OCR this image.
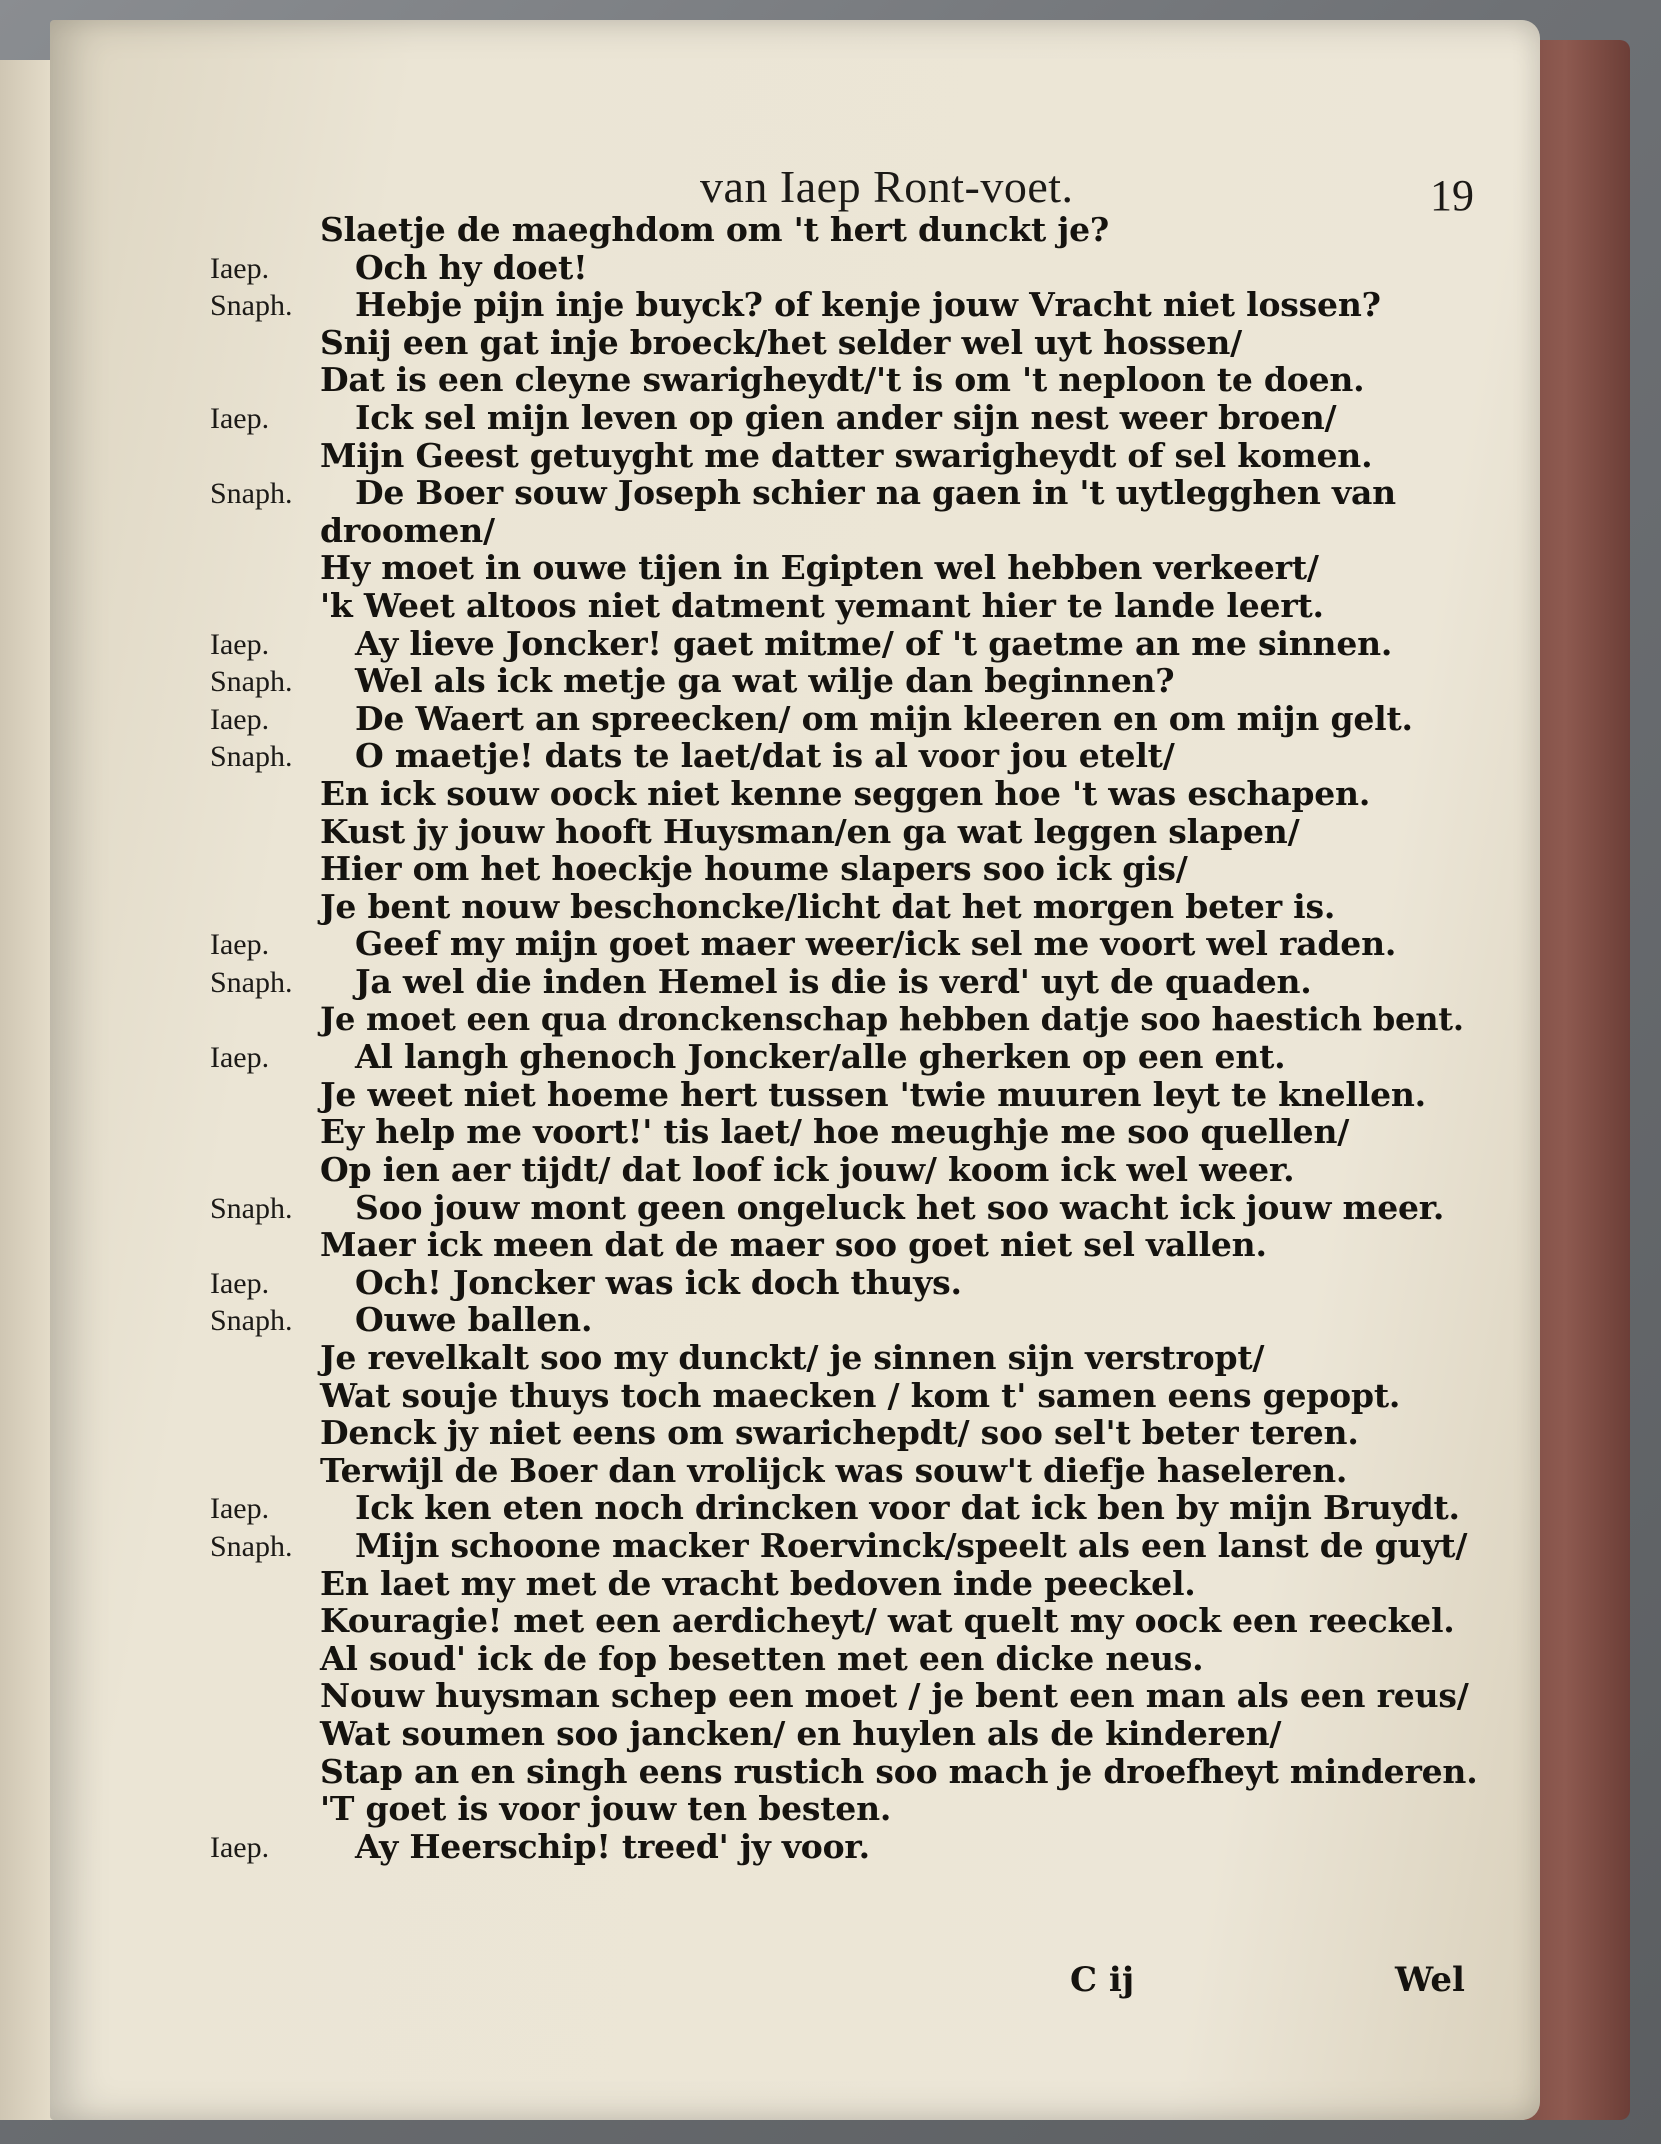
van Iaep Ront-voet.	19
Slaetje de maeghdom om 't hert dunckt je?
Iaep.	Och hy doet!
Snaph. Hebje pijn inje buyck? of kenje jouw Vracht niet lossen?
Snij een gat inje broeck/het selder wel uyt hossen/
Dat is een cleyne swarigheydt/'t is om 't neploon te doen.
Iaep.	Ick sel mijn leven op gien ander sijn nest weer broen/
Mijn Geest getuyght me datter swarigheydt of sel komen.
Snaph. De Boer souw Joseph schier na gaen in 't uytlegghen van
droomen/
Hy moet in ouwe tijen in Egipten wel hebben verkeert/
'k Weet altoos niet datment yemant hier te lande leert.
Iaep.	Ay lieve Joncker! gaet mitme/ of 't gaetme an me sinnen.
Snaph. Wel als ick metje ga wat wilje dan beginnen?
Iaep.	De Waert an spreecken/ om mijn kleeren en om mijn gelt.
Snaph. O maetje! dats te laet/dat is al voor jou etelt/
En ick souw oock niet kenne seggen hoe 't was eschapen.
Kust jy jouw hooft Huysman/en ga wat leggen slapen/
Hier om het hoeckje houme slapers soo ick gis/
Je bent nouw beschoncke/licht dat het morgen beter is.
Iaep.	Geef my mijn goet maer weer/ick sel me voort wel raden.
Snaph. Ja wel die inden Hemel is die is verd' uyt de quaden.
Je moet een qua dronckenschap hebben datje soo haestich bent.
Iaep.	Al langh ghenoch Joncker/alle gherken op een ent.
Je weet niet hoeme hert tussen 'twie muuren leyt te knellen.
Ey help me voort!' tis laet/ hoe meughje me soo quellen/
Op ien aer tijdt/ dat loof ick jouw/ koom ick wel weer.
Snaph. Soo jouw mont geen ongeluck het soo wacht ick jouw meer.
Maer ick meen dat de maer soo goet niet sel vallen.
Iaep.	Och! Joncker was ick doch thuys.
Snaph. Ouwe ballen.
Je revelkalt soo my dunckt/ je sinnen sijn verstropt/
Wat souje thuys toch maecken / kom t' samen eens gepopt.
Denck jy niet eens om swarichepdt/ soo sel't beter teren.
Terwijl de Boer dan vrolijck was souw't diefje haseleren.
Iaep.	Ick ken eten noch drincken voor dat ick ben by mijn Bruydt.
Snaph. Mijn schoone macker Roervinck/speelt als een lanst de guyt/
En laet my met de vracht bedoven inde peeckel.
Kouragie! met een aerdicheyt/ wat quelt my oock een reeckel.
Al soud' ick de fop besetten met een dicke neus.
Nouw huysman schep een moet / je bent een man als een reus/
Wat soumen soo jancken/ en huylen als de kinderen/
Stap an en singh eens rustich soo mach je droefheyt minderen.
'T goet is voor jouw ten besten.
Iaep.	Ay Heerschip! treed' jy voor.
C ij	Wel
